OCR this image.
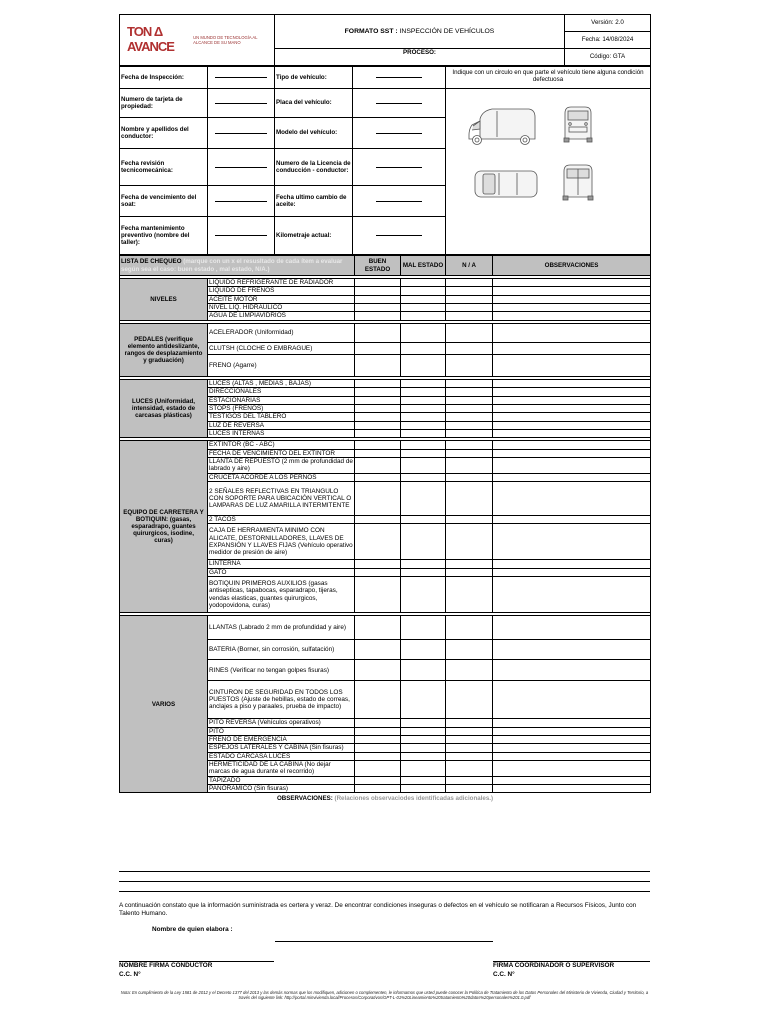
TON Δ AVANCE
UN MUNDO DE TECNOLOGÍA AL ALCANCE DE SU MANO	FORMATO SST : INSPECCIÓN DE VEHÍCULOS	Versión: 2.0
		Fecha: 14/08/2024
	PROCESO:	Código: GTA
Fecha de Inspección:		Tipo de vehículo:		Indique con un circulo en que parte el vehículo tiene alguna condición defectuosa
Numero de tarjeta de propiedad:		Placa del vehículo:	

Nombre y apellidos del conductor:		Modelo del vehículo:		

Fecha revisión tecnicomecánica:		Numero de la Licencia de conducción - conductor:		

Fecha de vencimiento del soat:		Fecha ultimo cambio de aceite:		

Fecha mantenimiento preventivo (nombre del taller):		Kilometraje actual:		
LISTA DE CHEQUEO (marque con un x el resusltado de cada ítem a evaluar según sea el caso: buen estado , mal estado, N/A.)		BUEN ESTADO	MAL ESTADO	N / A	OBSERVACIONES

NIVELES	LIQUIDO REFRIGERANTE DE RADIADOR				
	LIQUIDO DE FRENOS				
	ACEITE MOTOR				
	NIVEL LIQ. HIDRAULICO				
	AGUA DE LIMPIAVIDRIOS				

PEDALES (verifique elemento antideslizante, rangos de desplazamiento y graduación)	ACELERADOR (Uniformidad)				
	CLUTSH (CLOCHE O EMBRAGUE)				
	FRENO (Agarre)				

LUCES (Uniformidad, intensidad, estado de carcasas plásticas)	LUCES (ALTAS , MEDIAS , BAJAS)				
	DIRECCIONALES				
	ESTACIONARIAS				
	STOPS (FRENOS)				
	TESTIGOS DEL TABLERO				
	LUZ DE REVERSA				
	LUCES INTERNAS				

EQUIPO DE CARRETERA Y BOTIQUIN: (gasas, esparadrapo, guantes quirurgicos, isodine, curas)	EXTINTOR (BC - ABC)				
	FECHA DE VENCIMIENTO DEL EXTINTOR				
	LLANTA DE REPUESTO (2 mm de profundidad de labrado y aire)				
	CRUCETA ACORDE A LOS PERNOS				
	2 SEÑALES REFLECTIVAS EN TRIANGULO CON SOPORTE PARA UBICACIÓN VERTICAL O LAMPARAS DE LUZ AMARILLA INTERMITENTE				
	2 TACOS				
	CAJA DE HERRAMIENTA MINIMO CON ALICATE, DESTORNILLADORES, LLAVES DE EXPANSIÓN Y LLAVES FIJAS (Vehículo operativo medidor de presión de aire)				
	LINTERNA				
	GATO				
	BOTIQUIN PRIMEROS AUXILIOS (gasas antisepticas, tapabocas, esparadrapo, tijeras, vendas elasticas, guantes quirurgicos, yodopovidona, curas)				

VARIOS	LLANTAS (Labrado 2 mm de profundidad y aire)				
	BATERIA (Borner, sin corrosión, sulfatación)				
	RINES (Verificar no tengan golpes fisuras)				
	CINTURON DE SEGURIDAD EN TODOS LOS PUESTOS (Ajuste de hebillas, estado de correas, anclajes a piso y paraales, prueba de impacto)				
	PITO REVERSA (Vehículos operativos)				
	PITO				
	FRENO DE EMERGENCIA				
	ESPEJOS LATERALES Y CABINA (Sin fisuras)				
	ESTADO CARCASA LUCES				
	HERMETICIDAD DE LA CABINA (No dejar marcas de agua durante el recorrido)				
	TAPIZADO				
	PANORAMICO (Sin fisuras)				
OBSERVACIONES: (Relaciones observaciodes identificadas adicionales.)					
A continuación constato que la información suministrada es certera y veraz. De encontrar condiciones inseguras o defectos en el vehículo se notificaran a Recursos Físicos, Junto con Talento Humano.
Nombre de quien elabora :
NOMBRE FIRMA CONDUCTOR
C.C. N°
FIRMA COORDINADOR O SUPERVISOR
C.C. N°
Nota: En cumplimiento de la Ley 1581 de 2012 y el Decreto 1377 del 2013 y las demás normas que los modifiquen, adicionen o complementen, le informamos que usted puede conocer la Política de Tratamiento de los Datos Personales del Ministerio de Vivienda, Ciudad y Territorio, a través del siguiente link: http://portal.minvivienda.local/Procesos/Corporativos/GPT-L-01%20Lineamiento%20tratamiento%20datos%20personales%201.0.pdf
